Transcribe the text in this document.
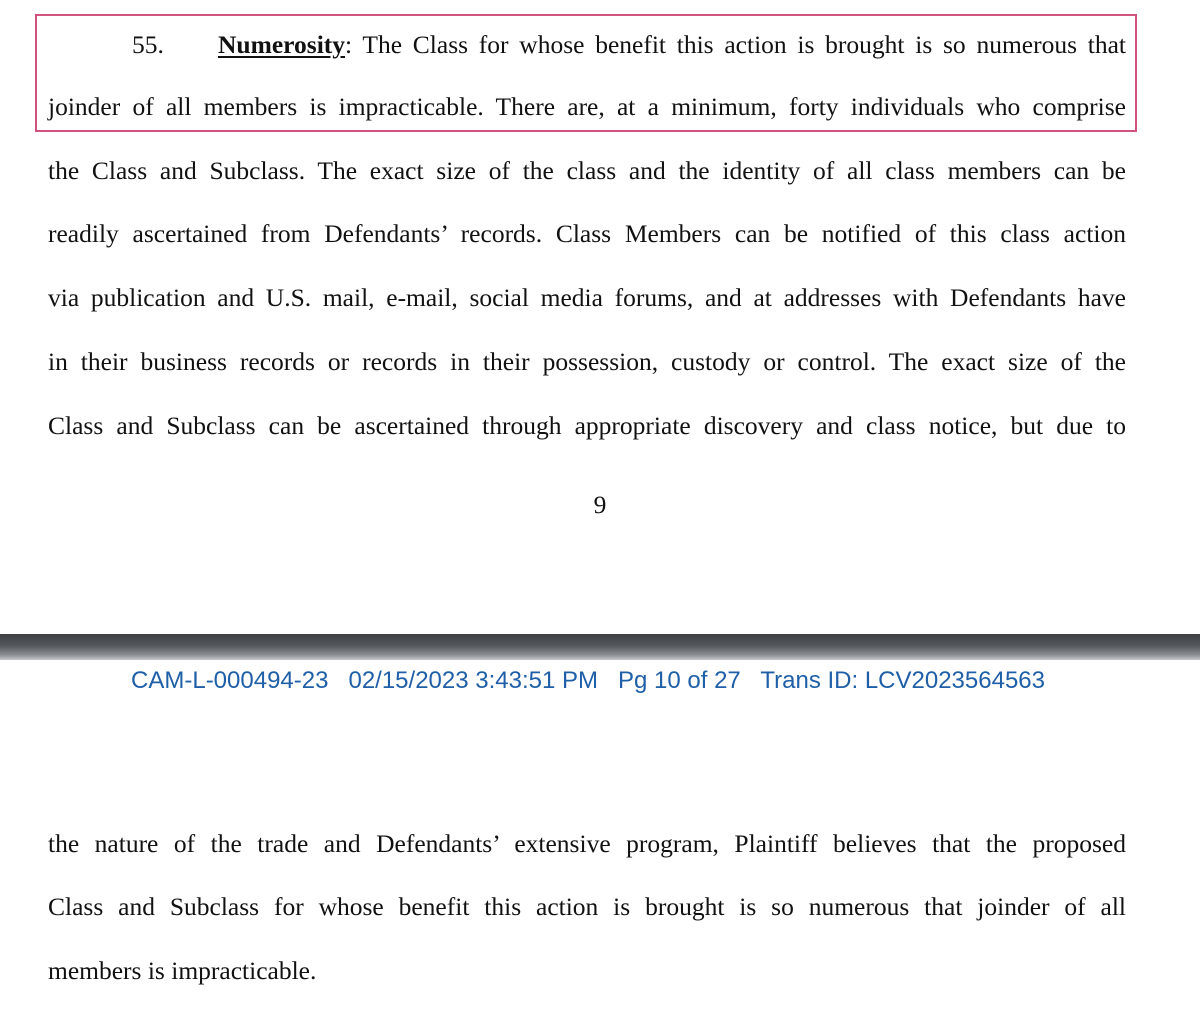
55. Numerosity: The Class for whose benefit this action is brought is so numerous that
joinder of all members is impracticable. There are, at a minimum, forty individuals who comprise
the Class and Subclass. The exact size of the class and the identity of all class members can be
readily ascertained from Defendants’ records. Class Members can be notified of this class action
via publication and U.S. mail, e-mail, social media forums, and at addresses with Defendants have
in their business records or records in their possession, custody or control. The exact size of the
Class and Subclass can be ascertained through appropriate discovery and class notice, but due to
9
CAM-L-000494-23 02/15/2023 3:43:51 PM Pg 10 of 27 Trans ID: LCV2023564563
the nature of the trade and Defendants’ extensive program, Plaintiff believes that the proposed
Class and Subclass for whose benefit this action is brought is so numerous that joinder of all
members is impracticable.
